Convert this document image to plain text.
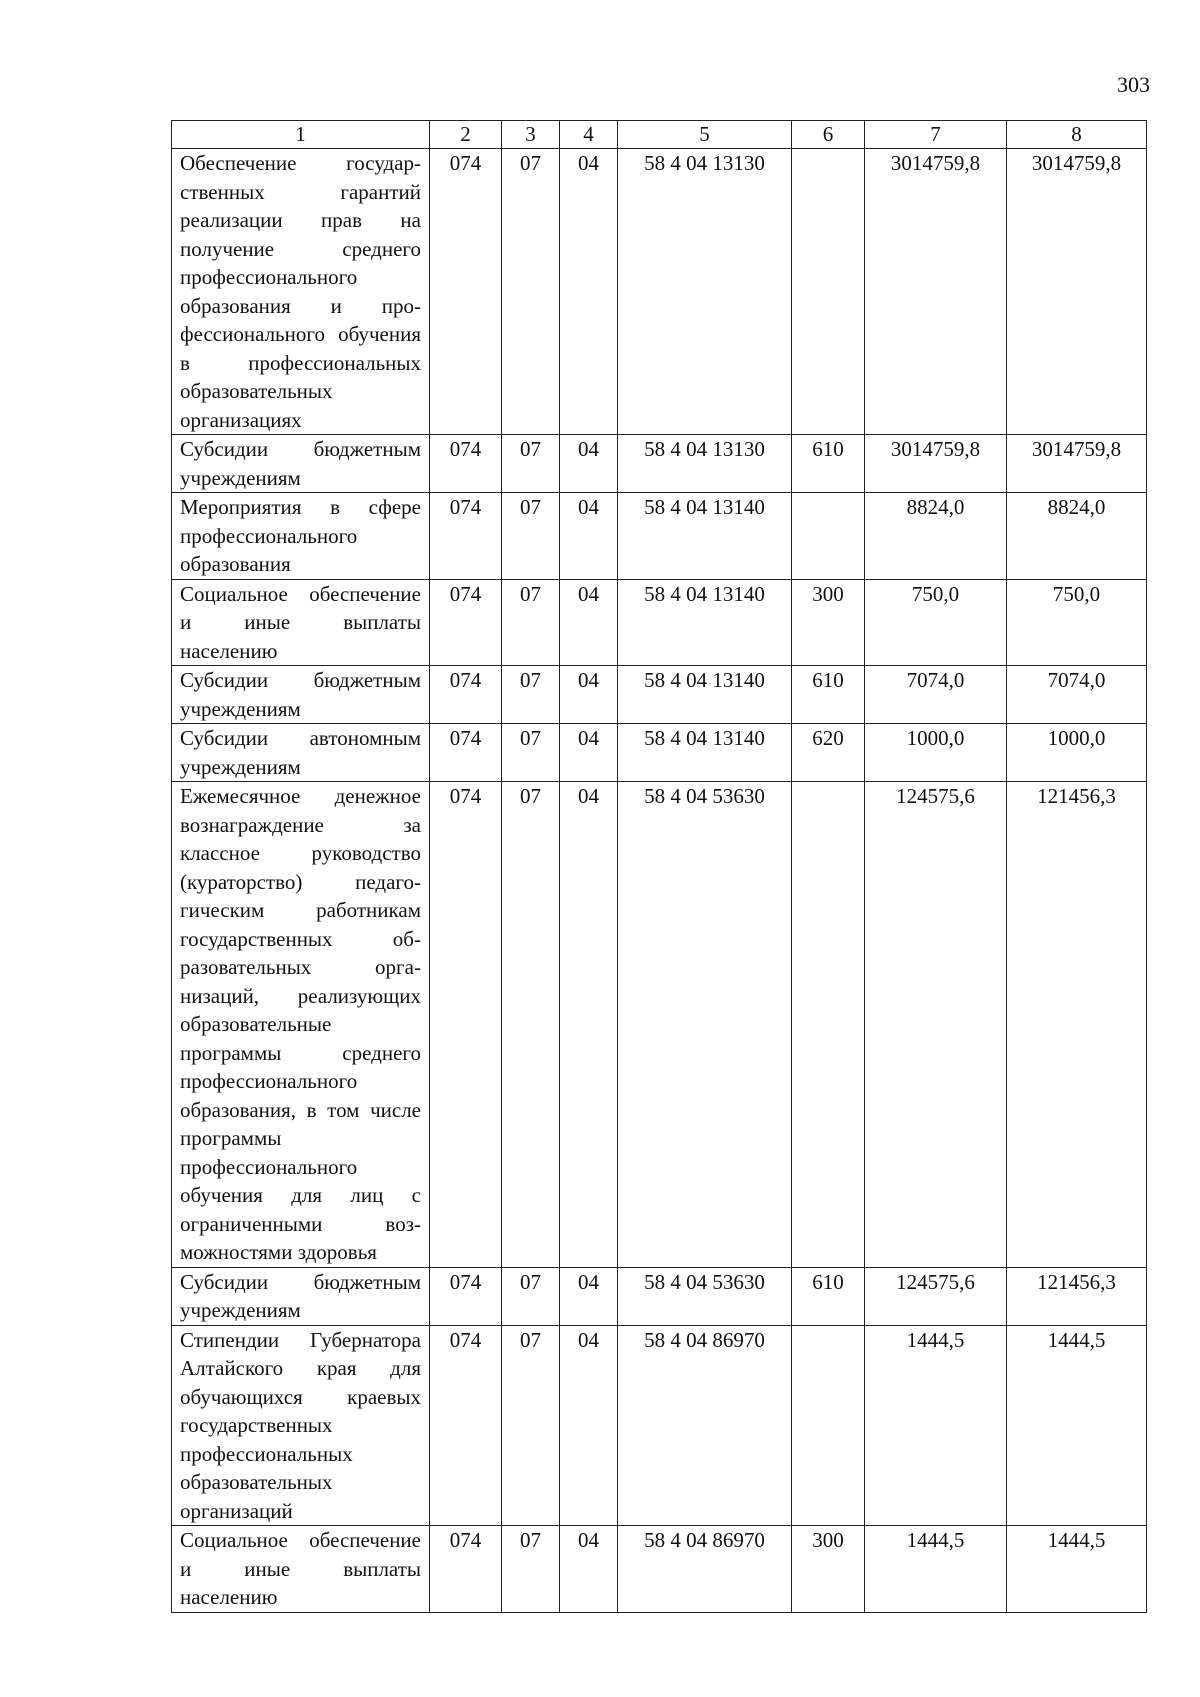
303
1	2	3	4	5	6	7	8
Обеспечение государственных гарантий реализации прав на получение среднего профессионального образования и профессионального обучения в профессиональных образовательных организациях	074	07	04	58 4 04 13130		3014759,8	3014759,8
Субсидии бюджетным учреждениям	074	07	04	58 4 04 13130	610	3014759,8	3014759,8
Мероприятия в сфере профессионального образования	074	07	04	58 4 04 13140		8824,0	8824,0
Социальное обеспечение и иные выплаты населению	074	07	04	58 4 04 13140	300	750,0	750,0
Субсидии бюджетным учреждениям	074	07	04	58 4 04 13140	610	7074,0	7074,0
Субсидии автономным учреждениям	074	07	04	58 4 04 13140	620	1000,0	1000,0
Ежемесячное денежное вознаграждение за классное руководство (кураторство) педагогическим работникам государственных образовательных организаций, реализующих образовательные программы среднего профессионального образования, в том числе программы профессионального обучения для лиц с ограниченными возможностями здоровья	074	07	04	58 4 04 53630		124575,6	121456,3
Субсидии бюджетным учреждениям	074	07	04	58 4 04 53630	610	124575,6	121456,3
Стипендии Губернатора Алтайского края для обучающихся краевых государственных профессиональных образовательных организаций	074	07	04	58 4 04 86970		1444,5	1444,5
Социальное обеспечение и иные выплаты населению	074	07	04	58 4 04 86970	300	1444,5	1444,5
